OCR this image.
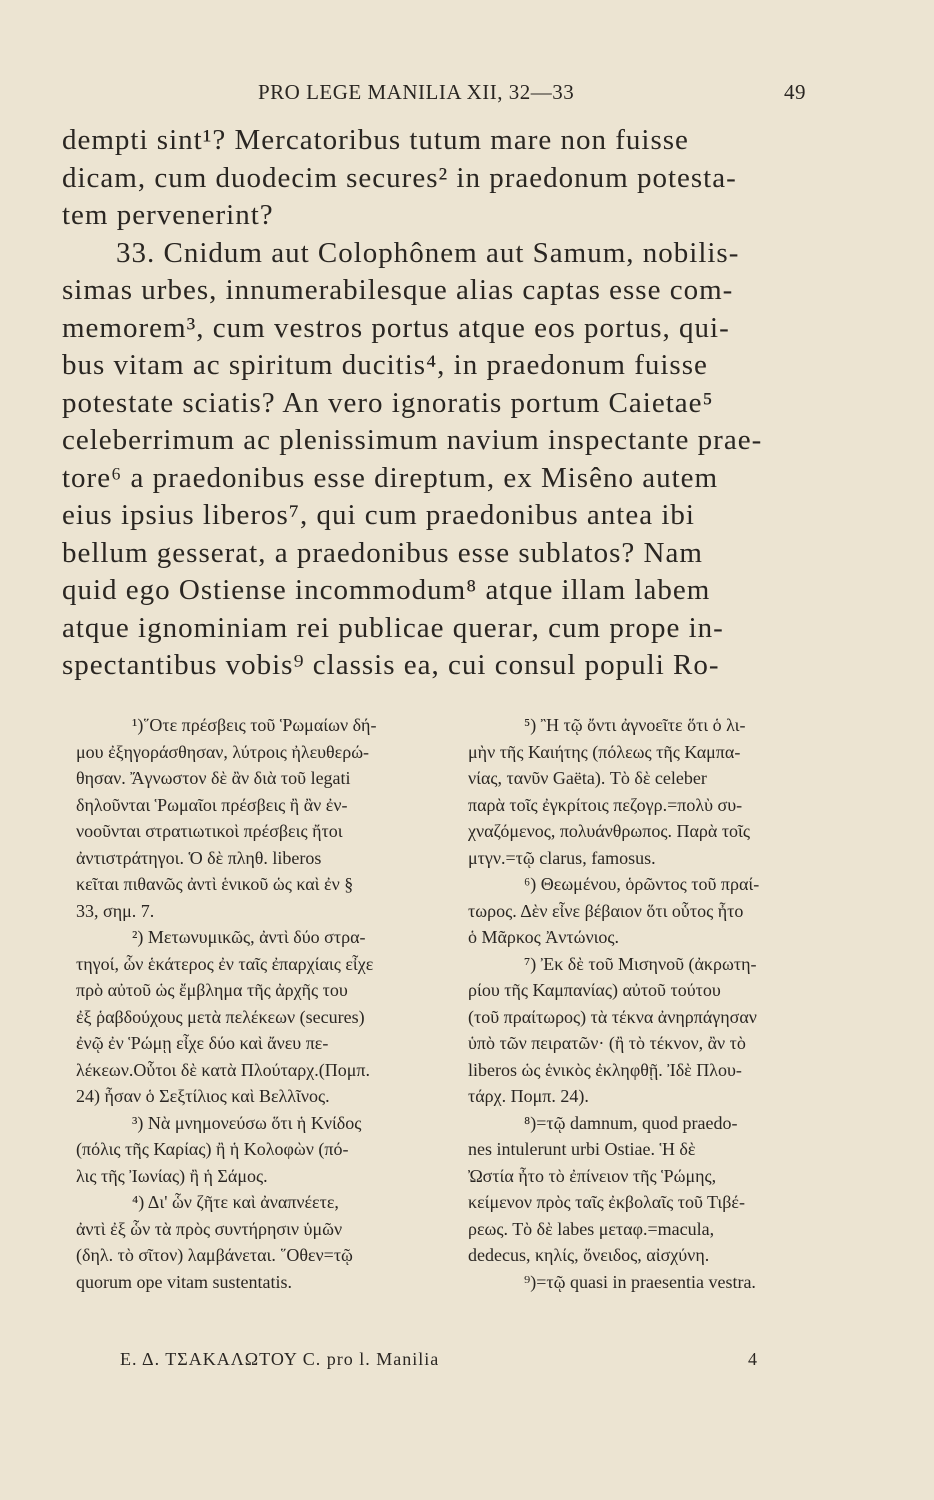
PRO LEGE MANILIA XII, 32—33	49
dempti sint¹? Mercatoribus tutum mare non fuisse
dicam, cum duodecim secures² in praedonum potesta-
tem pervenerint?
33. Cnidum aut Colophônem aut Samum, nobilis-
simas urbes, innumerabilesque alias captas esse com-
memorem³, cum vestros portus atque eos portus, qui-
bus vitam ac spiritum ducitis⁴, in praedonum fuisse
potestate sciatis? An vero ignoratis portum Caietae⁵
celeberrimum ac plenissimum navium inspectante prae-
tore⁶ a praedonibus esse direptum, ex Misêno autem
eius ipsius liberos⁷, qui cum praedonibus antea ibi
bellum gesserat, a praedonibus esse sublatos? Nam
quid ego Ostiense incommodum⁸ atque illam labem
atque ignominiam rei publicae querar, cum prope in-
spectantibus vobis⁹ classis ea, cui consul populi Ro-
¹)῞Οτε πρέσβεις τοῦ Ῥωμαίων δή-
μου ἐξηγοράσθησαν, λύτροις ἠλευθερώ-
θησαν. Ἄγνωστον δὲ ἂν διὰ τοῦ legati
δηλοῦνται Ῥωμαῖοι πρέσβεις ἢ ἂν ἐν-
νοοῦνται στρατιωτικοὶ πρέσβεις ἤτοι
ἀντιστράτηγοι. Ὁ δὲ πληθ. liberos
κεῖται πιθανῶς ἀντὶ ἑνικοῦ ὡς καὶ ἐν §
33, σημ. 7.
²) Μετωνυμικῶς, ἀντὶ δύο στρα-
τηγοί, ὧν ἑκάτερος ἐν ταῖς ἐπαρχίαις εἶχε
πρὸ αὐτοῦ ὡς ἔμβλημα τῆς ἀρχῆς του
ἐξ ῥαβδούχους μετὰ πελέκεων (secures)
ἐνῷ ἐν Ῥώμῃ εἶχε δύο καὶ ἄνευ πε-
λέκεων.Οὗτοι δὲ κατὰ Πλούταρχ.(Πομπ.
24) ἦσαν ὁ Σεξτίλιος καὶ Βελλῖνος.
³) Νὰ μνημονεύσω ὅτι ἡ Κνίδος
(πόλις τῆς Καρίας) ἢ ἡ Κολοφὼν (πό-
λις τῆς Ἰωνίας) ἢ ἡ Σάμος.
⁴) Δι' ὧν ζῆτε καὶ ἀναπνέετε,
ἀντὶ ἐξ ὧν τὰ πρὸς συντήρησιν ὑμῶν
(δηλ. τὸ σῖτον) λαμβάνεται. ῞Οθεν=τῷ
quorum ope vitam sustentatis.
⁵) Ἢ τῷ ὄντι ἀγνοεῖτε ὅτι ὁ λι-
μὴν τῆς Καιήτης (πόλεως τῆς Καμπα-
νίας, τανῦν Gaëta). Τὸ δὲ celeber
παρὰ τοῖς ἐγκρίτοις πεζογρ.=πολὺ συ-
χναζόμενος, πολυάνθρωπος. Παρὰ τοῖς
μτγν.=τῷ clarus, famosus.
⁶) Θεωμένου, ὁρῶντος τοῦ πραί-
τωρος. Δὲν εἶνε βέβαιον ὅτι οὗτος ἦτο
ὁ Μᾶρκος Ἀντώνιος.
⁷) Ἐκ δὲ τοῦ Μισηνοῦ (ἀκρωτη-
ρίου τῆς Καμπανίας) αὐτοῦ τούτου
(τοῦ πραίτωρος) τὰ τέκνα ἀνηρπάγησαν
ὑπὸ τῶν πειρατῶν· (ἢ τὸ τέκνον, ἂν τὸ
liberos ὡς ἑνικὸς ἐκληφθῇ. Ἰδὲ Πλου-
τάρχ. Πομπ. 24).
⁸)=τῷ damnum, quod praedo-
nes intulerunt urbi Ostiae. Ἡ δὲ
Ὠστία ἦτο τὸ ἐπίνειον τῆς Ῥώμης,
κείμενον πρὸς ταῖς ἐκβολαῖς τοῦ Τιβέ-
ρεως. Τὸ δὲ labes μεταφ.=macula,
dedecus, κηλίς, ὄνειδος, αἰσχύνη.
⁹)=τῷ quasi in praesentia vestra.
Ε. Δ. ΤΣΑΚΑΛΩΤΟΥ C. pro l. Manilia	4
